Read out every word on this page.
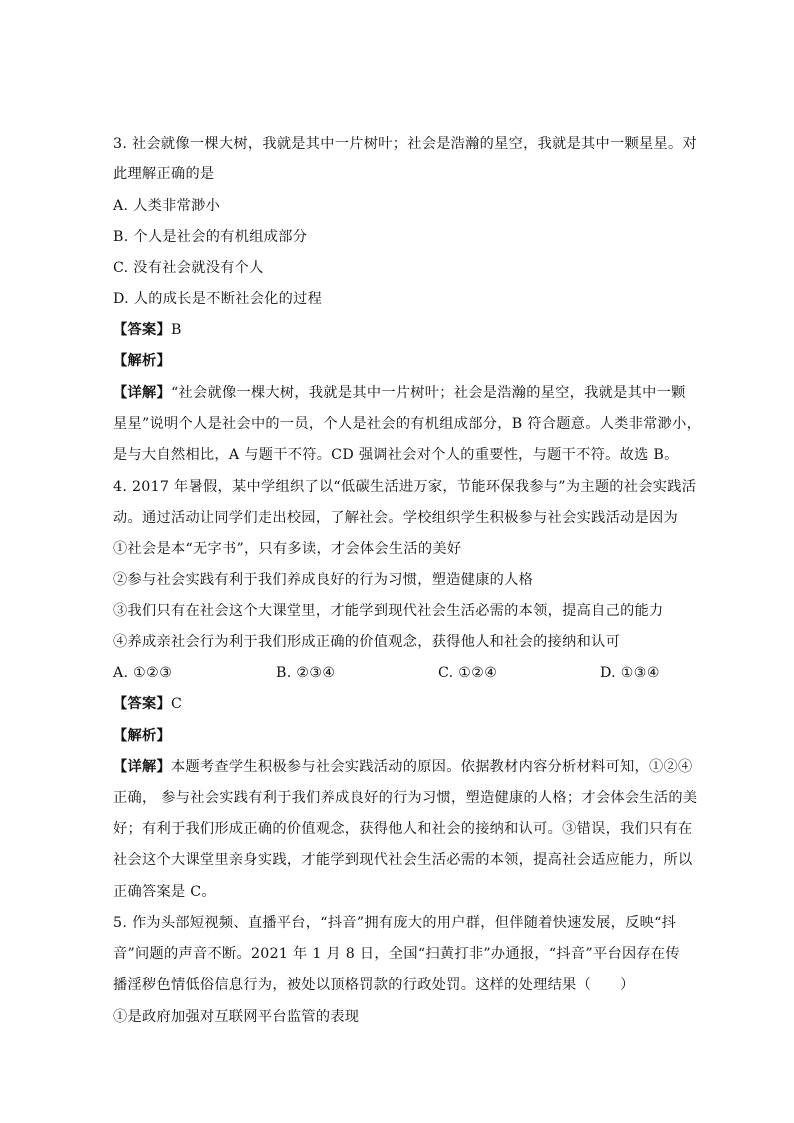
3. 社会就像一棵大树，我就是其中一片树叶；社会是浩瀚的星空，我就是其中一颗星星。对
此理解正确的是
A. 人类非常渺小
B. 个人是社会的有机组成部分
C. 没有社会就没有个人
D. 人的成长是不断社会化的过程
【答案】B
【解析】
【详解】“社会就像一棵大树，我就是其中一片树叶；社会是浩瀚的星空，我就是其中一颗
星星”说明个人是社会中的一员，个人是社会的有机组成部分，B 符合题意。人类非常渺小，
是与大自然相比，A 与题干不符。CD 强调社会对个人的重要性，与题干不符。故选 B。
4. 2017 年暑假，某中学组织了以“低碳生活进万家，节能环保我参与”为主题的社会实践活
动。通过活动让同学们走出校园，了解社会。学校组织学生积极参与社会实践活动是因为
①社会是本“无字书”，只有多读，才会体会生活的美好
②参与社会实践有利于我们养成良好的行为习惯，塑造健康的人格
③我们只有在社会这个大课堂里，才能学到现代社会生活必需的本领，提高自己的能力
④养成亲社会行为利于我们形成正确的价值观念，获得他人和社会的接纳和认可
A. ①②③	B. ②③④	C. ①②④	D. ①③④
【答案】C
【解析】
【详解】本题考查学生积极参与社会实践活动的原因。依据教材内容分析材料可知，①②④
正确， 参与社会实践有利于我们养成良好的行为习惯，塑造健康的人格；才会体会生活的美
好；有利于我们形成正确的价值观念，获得他人和社会的接纳和认可。③错误，我们只有在
社会这个大课堂里亲身实践，才能学到现代社会生活必需的本领，提高社会适应能力，所以
正确答案是 C。
5. 作为头部短视频、直播平台，“抖音”拥有庞大的用户群，但伴随着快速发展，反映“抖
音”问题的声音不断。2021 年 1 月 8 日，全国“扫黄打非”办通报，“抖音”平台因存在传
播淫秽色情低俗信息行为，被处以顶格罚款的行政处罚。这样的处理结果（　　）
①是政府加强对互联网平台监管的表现
